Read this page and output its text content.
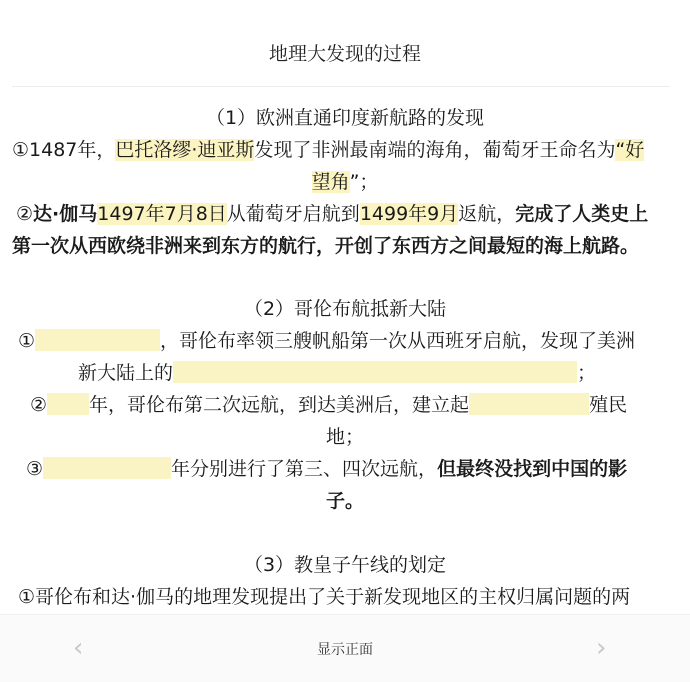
地理大发现的过程
（1）欧洲直通印度新航路的发现
①1487年，巴托洛缪·迪亚斯发现了非洲最南端的海角，葡萄牙王命名为“好
望角”；
②达·伽马1497年7月8日从葡萄牙启航到1499年9月返航，完成了人类史上
第一次从西欧绕非洲来到东方的航行，开创了东西方之间最短的海上航路。
（2）哥伦布航抵新大陆
①	，哥伦布率领三艘帆船第一次从西班牙启航，发现了美洲
新大陆上的	；
② 年，哥伦布第二次远航，到达美洲后，建立起	殖民
地；
③	年分别进行了第三、四次远航，但最终没找到中国的影
子。
（3）教皇子午线的划定
①哥伦布和达·伽马的地理发现提出了关于新发现地区的主权归属问题的两
‹	显示正面	›
